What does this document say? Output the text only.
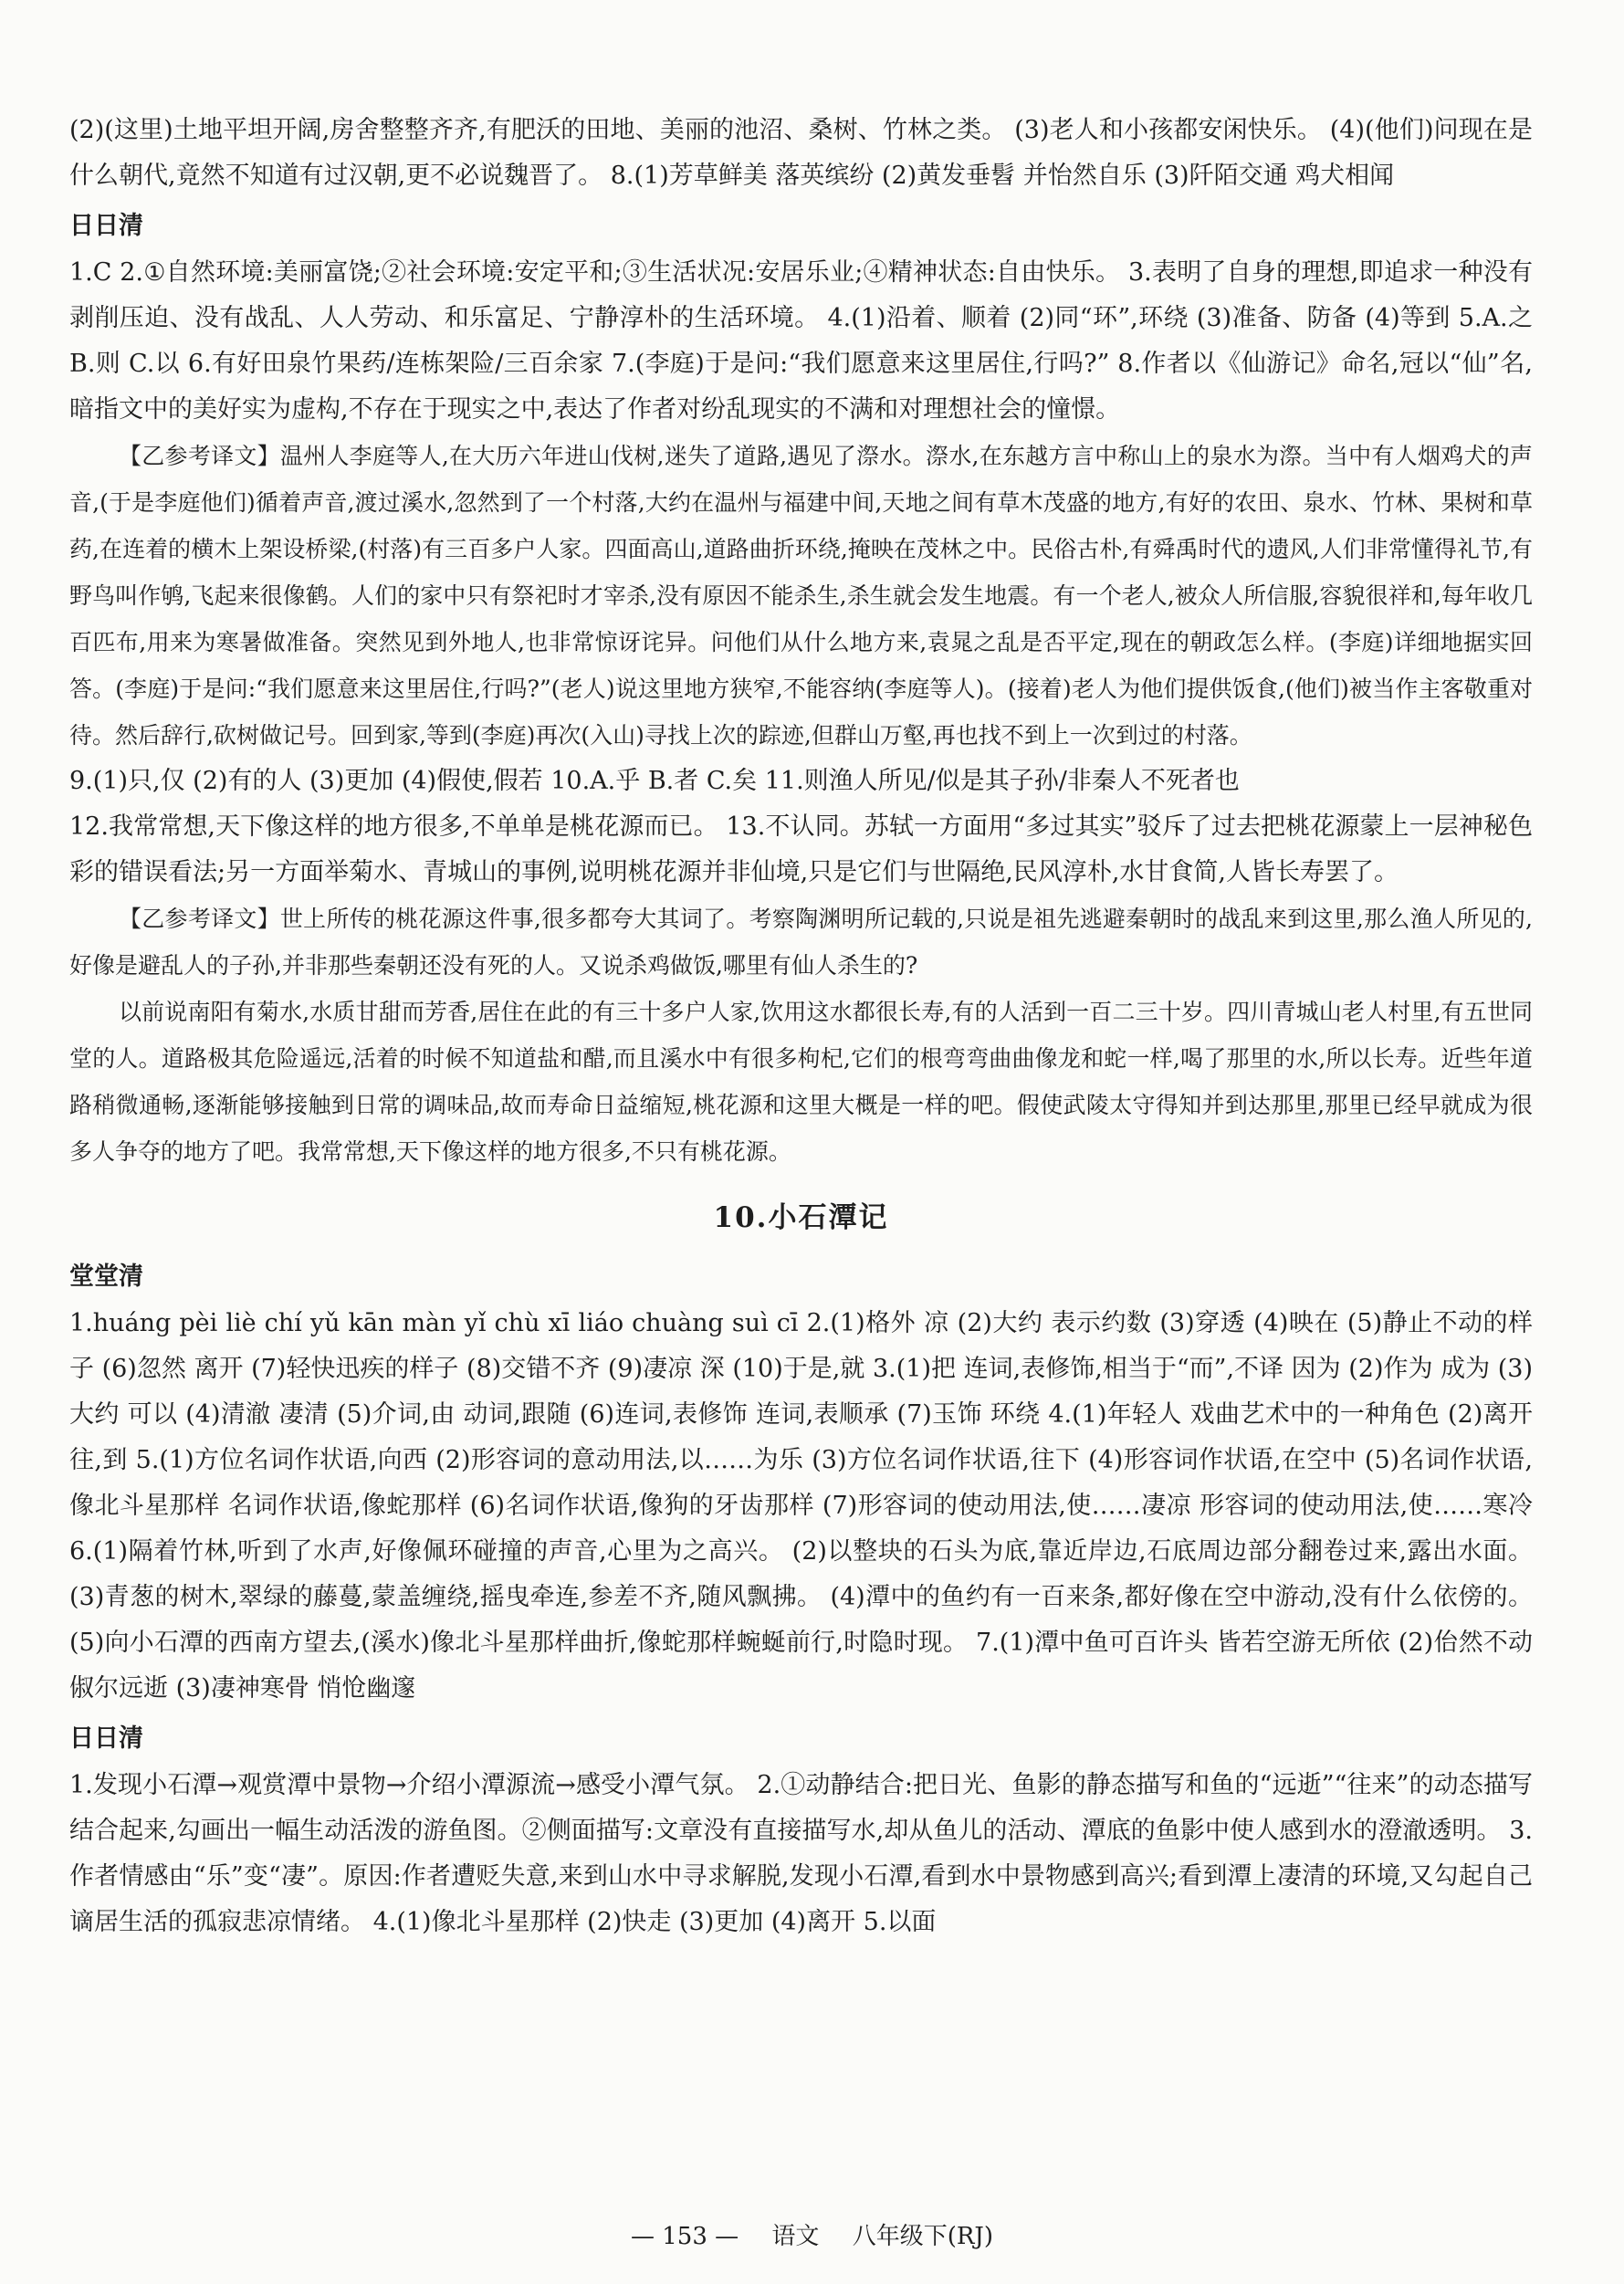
(2)(这里)土地平坦开阔,房舍整整齐齐,有肥沃的田地、美丽的池沼、桑树、竹林之类。 (3)老人和小孩都安闲快乐。 (4)(他们)问现在是什么朝代,竟然不知道有过汉朝,更不必说魏晋了。 8.(1)芳草鲜美 落英缤纷 (2)黄发垂髫 并怡然自乐 (3)阡陌交通 鸡犬相闻

日日清

1.C 2.①自然环境:美丽富饶;②社会环境:安定平和;③生活状况:安居乐业;④精神状态:自由快乐。 3.表明了自身的理想,即追求一种没有剥削压迫、没有战乱、人人劳动、和乐富足、宁静淳朴的生活环境。 4.(1)沿着、顺着 (2)同“环”,环绕 (3)准备、防备 (4)等到 5.A.之 B.则 C.以 6.有好田泉竹果药/连栋架险/三百余家 7.(李庭)于是问:“我们愿意来这里居住,行吗?” 8.作者以《仙游记》命名,冠以“仙”名,暗指文中的美好实为虚构,不存在于现实之中,表达了作者对纷乱现实的不满和对理想社会的憧憬。

【乙参考译文】温州人李庭等人,在大历六年进山伐树,迷失了道路,遇见了漈水。漈水,在东越方言中称山上的泉水为漈。当中有人烟鸡犬的声音,(于是李庭他们)循着声音,渡过溪水,忽然到了一个村落,大约在温州与福建中间,天地之间有草木茂盛的地方,有好的农田、泉水、竹林、果树和草药,在连着的横木上架设桥梁,(村落)有三百多户人家。四面高山,道路曲折环绕,掩映在茂林之中。民俗古朴,有舜禹时代的遗风,人们非常懂得礼节,有野鸟叫作鸲,飞起来很像鹤。人们的家中只有祭祀时才宰杀,没有原因不能杀生,杀生就会发生地震。有一个老人,被众人所信服,容貌很祥和,每年收几百匹布,用来为寒暑做准备。突然见到外地人,也非常惊讶诧异。问他们从什么地方来,袁晁之乱是否平定,现在的朝政怎么样。(李庭)详细地据实回答。(李庭)于是问:“我们愿意来这里居住,行吗?”(老人)说这里地方狭窄,不能容纳(李庭等人)。(接着)老人为他们提供饭食,(他们)被当作主客敬重对待。然后辞行,砍树做记号。回到家,等到(李庭)再次(入山)寻找上次的踪迹,但群山万壑,再也找不到上一次到过的村落。

9.(1)只,仅 (2)有的人 (3)更加 (4)假使,假若 10.A.乎 B.者 C.矣 11.则渔人所见/似是其子孙/非秦人不死者也

12.我常常想,天下像这样的地方很多,不单单是桃花源而已。 13.不认同。苏轼一方面用“多过其实”驳斥了过去把桃花源蒙上一层神秘色彩的错误看法;另一方面举菊水、青城山的事例,说明桃花源并非仙境,只是它们与世隔绝,民风淳朴,水甘食简,人皆长寿罢了。

【乙参考译文】世上所传的桃花源这件事,很多都夸大其词了。考察陶渊明所记载的,只说是祖先逃避秦朝时的战乱来到这里,那么渔人所见的,好像是避乱人的子孙,并非那些秦朝还没有死的人。又说杀鸡做饭,哪里有仙人杀生的?

以前说南阳有菊水,水质甘甜而芳香,居住在此的有三十多户人家,饮用这水都很长寿,有的人活到一百二三十岁。四川青城山老人村里,有五世同堂的人。道路极其危险遥远,活着的时候不知道盐和醋,而且溪水中有很多枸杞,它们的根弯弯曲曲像龙和蛇一样,喝了那里的水,所以长寿。近些年道路稍微通畅,逐渐能够接触到日常的调味品,故而寿命日益缩短,桃花源和这里大概是一样的吧。假使武陵太守得知并到达那里,那里已经早就成为很多人争夺的地方了吧。我常常想,天下像这样的地方很多,不只有桃花源。

10.小石潭记
堂堂清

1.huáng pèi liè chí yǔ kān màn yǐ chù xī liáo chuàng suì cī 2.(1)格外 凉 (2)大约 表示约数 (3)穿透 (4)映在 (5)静止不动的样子 (6)忽然 离开 (7)轻快迅疾的样子 (8)交错不齐 (9)凄凉 深 (10)于是,就 3.(1)把 连词,表修饰,相当于“而”,不译 因为 (2)作为 成为 (3)大约 可以 (4)清澈 凄清 (5)介词,由 动词,跟随 (6)连词,表修饰 连词,表顺承 (7)玉饰 环绕 4.(1)年轻人 戏曲艺术中的一种角色 (2)离开 往,到 5.(1)方位名词作状语,向西 (2)形容词的意动用法,以……为乐 (3)方位名词作状语,往下 (4)形容词作状语,在空中 (5)名词作状语,像北斗星那样 名词作状语,像蛇那样 (6)名词作状语,像狗的牙齿那样 (7)形容词的使动用法,使……凄凉 形容词的使动用法,使……寒冷 6.(1)隔着竹林,听到了水声,好像佩环碰撞的声音,心里为之高兴。 (2)以整块的石头为底,靠近岸边,石底周边部分翻卷过来,露出水面。 (3)青葱的树木,翠绿的藤蔓,蒙盖缠绕,摇曳牵连,参差不齐,随风飘拂。 (4)潭中的鱼约有一百来条,都好像在空中游动,没有什么依傍的。 (5)向小石潭的西南方望去,(溪水)像北斗星那样曲折,像蛇那样蜿蜒前行,时隐时现。 7.(1)潭中鱼可百许头 皆若空游无所依 (2)佁然不动 俶尔远逝 (3)凄神寒骨 悄怆幽邃

日日清

1.发现小石潭→观赏潭中景物→介绍小潭源流→感受小潭气氛。 2.①动静结合:把日光、鱼影的静态描写和鱼的“远逝”“往来”的动态描写结合起来,勾画出一幅生动活泼的游鱼图。②侧面描写:文章没有直接描写水,却从鱼儿的活动、潭底的鱼影中使人感到水的澄澈透明。 3.作者情感由“乐”变“凄”。原因:作者遭贬失意,来到山水中寻求解脱,发现小石潭,看到水中景物感到高兴;看到潭上凄清的环境,又勾起自己谪居生活的孤寂悲凉情绪。 4.(1)像北斗星那样 (2)快走 (3)更加 (4)离开 5.以面

— 153 — 语文 八年级下(RJ)
